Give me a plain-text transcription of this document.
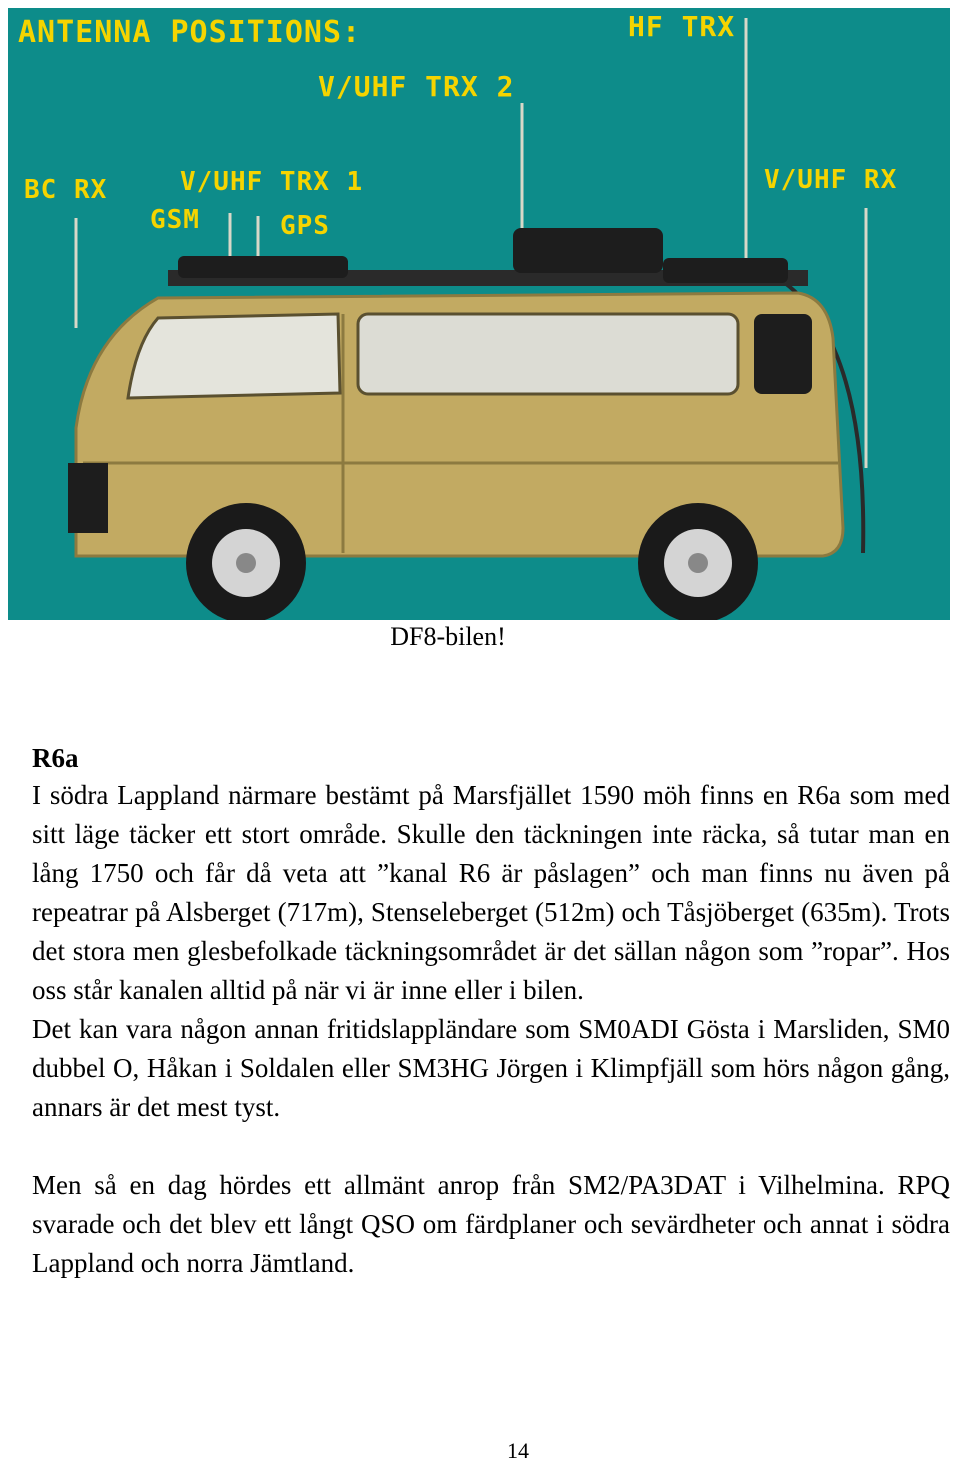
ANTENNA POSITIONS:	HF TRX
V/UHF TRX 2
BC RX	V/UHF TRX 1
GSM	GPS
V/UHF RX
DF8-bilen!

R6a

I södra Lappland närmare bestämt på Marsfjället 1590 möh finns en R6a som med sitt läge täcker ett stort område. Skulle den täckningen inte räcka, så tutar man en lång 1750 och får då veta att ”kanal R6 är påslagen” och man finns nu även på repeatrar på Alsberget (717m), Stenseleberget (512m) och Tåsjöberget (635m). Trots det stora men glesbefolkade täckningsområdet är det sällan någon som ”ropar”. Hos oss står kanalen alltid på när vi är inne eller i bilen.

Det kan vara någon annan fritidslappländare som SM0ADI Gösta i Marsliden, SM0 dubbel O, Håkan i Soldalen eller SM3HG Jörgen i Klimpfjäll som hörs någon gång, annars är det mest tyst.

Men så en dag hördes ett allmänt anrop från SM2/PA3DAT i Vilhelmina. RPQ svarade och det blev ett långt QSO om färdplaner och sevärdheter och annat i södra Lappland och norra Jämtland.

14
